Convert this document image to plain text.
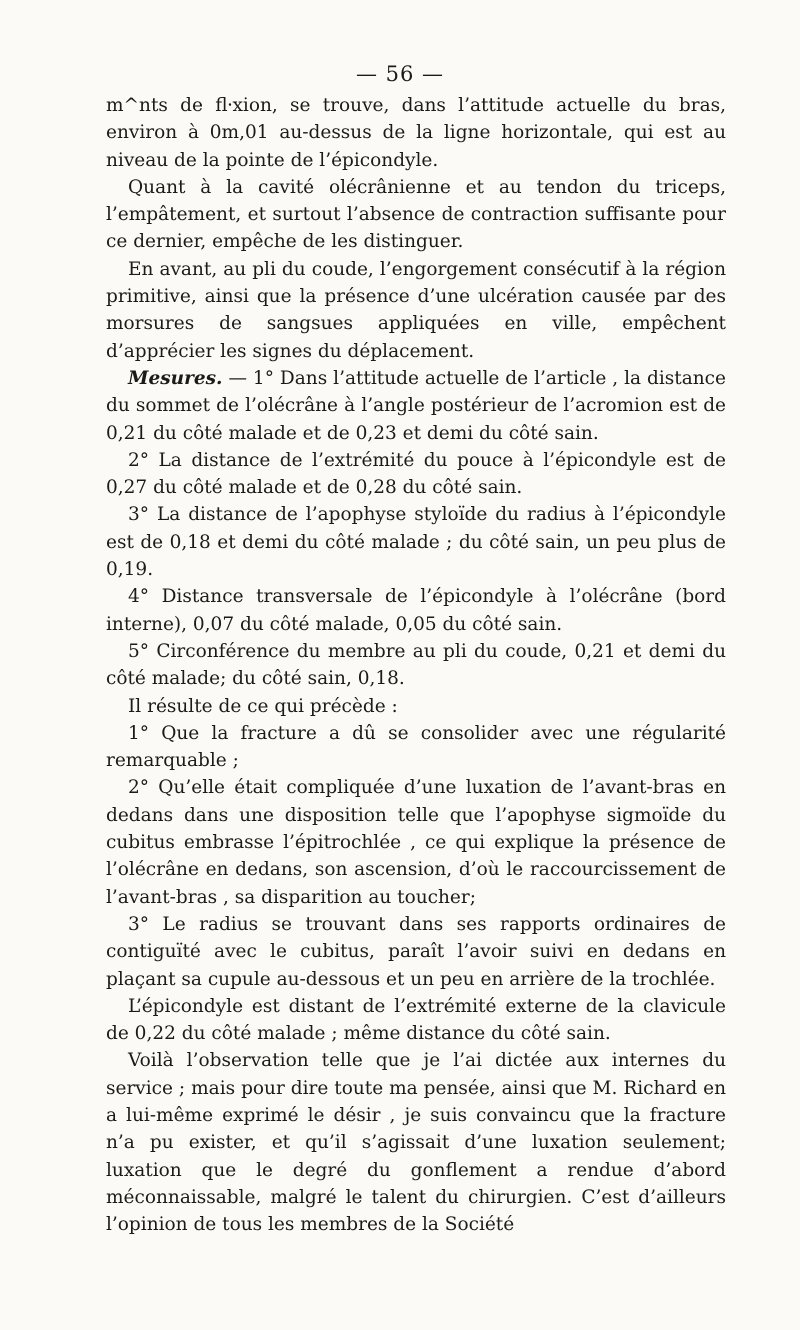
— 56 —

m^nts de fl⸱xion, se trouve, dans l’attitude actuelle du bras, environ à 0m,01 au-dessus de la ligne horizontale, qui est au niveau de la pointe de l’épicondyle.

Quant à la cavité olécrânienne et au tendon du triceps, l’empâtement, et surtout l’absence de contraction suffisante pour ce dernier, empêche de les distinguer.

En avant, au pli du coude, l’engorgement consécutif à la région primitive, ainsi que la présence d’une ulcération causée par des morsures de sangsues appliquées en ville, empêchent d’apprécier les signes du déplacement.

Mesures. — 1° Dans l’attitude actuelle de l’article , la distance du sommet de l’olécrâne à l’angle postérieur de l’acromion est de 0,21 du côté malade et de 0,23 et demi du côté sain.

2° La distance de l’extrémité du pouce à l’épicondyle est de 0,27 du côté malade et de 0,28 du côté sain.

3° La distance de l’apophyse styloïde du radius à l’épicondyle est de 0,18 et demi du côté malade ; du côté sain, un peu plus de 0,19.

4° Distance transversale de l’épicondyle à l’olécrâne (bord interne), 0,07 du côté malade, 0,05 du côté sain.

5° Circonférence du membre au pli du coude, 0,21 et demi du côté malade; du côté sain, 0,18.

Il résulte de ce qui précède :

1° Que la fracture a dû se consolider avec une régularité remarquable ;

2° Qu’elle était compliquée d’une luxation de l’avant-bras en dedans dans une disposition telle que l’apophyse sigmoïde du cubitus embrasse l’épitrochlée , ce qui explique la présence de l’olécrâne en dedans, son ascension, d’où le raccourcissement de l’avant-bras , sa disparition au toucher;

3° Le radius se trouvant dans ses rapports ordinaires de contiguïté avec le cubitus, paraît l’avoir suivi en dedans en plaçant sa cupule au-dessous et un peu en arrière de la trochlée.

L’épicondyle est distant de l’extrémité externe de la clavicule de 0,22 du côté malade ; même distance du côté sain.

Voilà l’observation telle que je l’ai dictée aux internes du service ; mais pour dire toute ma pensée, ainsi que M. Richard en a lui-même exprimé le désir , je suis convaincu que la fracture n’a pu exister, et qu’il s’agissait d’une luxation seulement; luxation que le degré du gonflement a rendue d’abord méconnaissable, malgré le talent du chirurgien. C’est d’ailleurs l’opinion de tous les membres de la Société
